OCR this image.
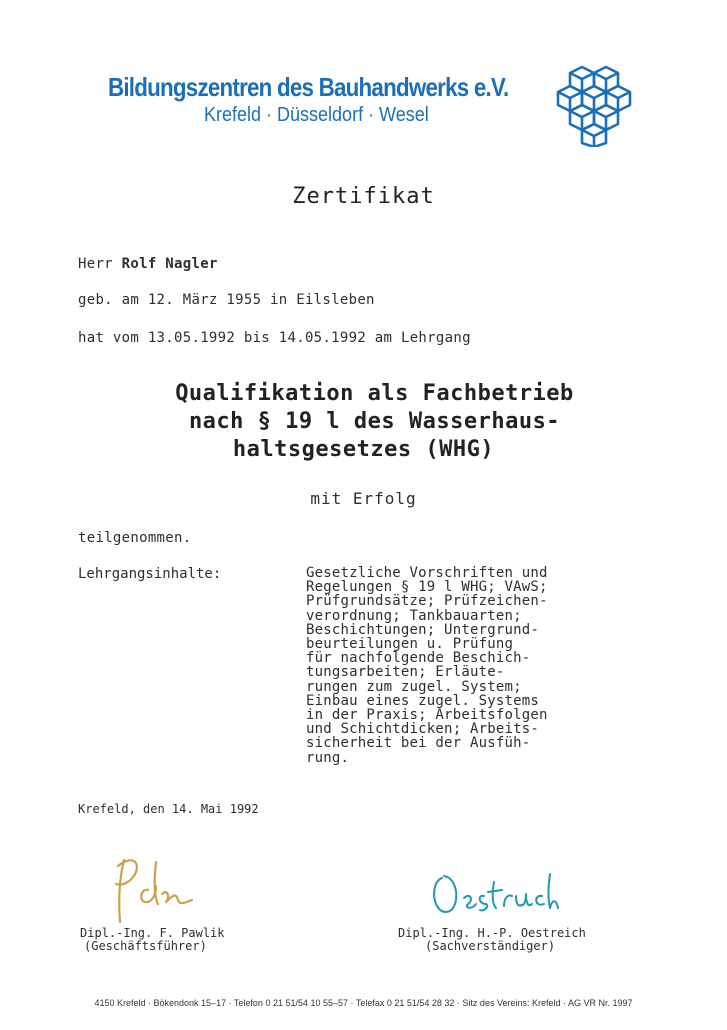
Bildungszentren des Bauhandwerks e.V.
Krefeld · Düsseldorf · Wesel
Zertifikat
Herr Rolf Nagler
geb. am 12. März 1955 in Eilsleben
hat vom 13.05.1992 bis 14.05.1992 am Lehrgang
Qualifikation als Fachbetrieb
nach § 19 l des Wasserhaus-
haltsgesetzes (WHG)
mit Erfolg
teilgenommen.
Lehrgangsinhalte:	Gesetzliche Vorschriften und
Regelungen § 19 l WHG; VAwS;
Prüfgrundsätze; Prüfzeichen-
verordnung; Tankbauarten;
Beschichtungen; Untergrund-
beurteilungen u. Prüfung
für nachfolgende Beschich-
tungsarbeiten; Erläute-
rungen zum zugel. System;
Einbau eines zugel. Systems
in der Praxis; Arbeitsfolgen
und Schichtdicken; Arbeits-
sicherheit bei der Ausfüh-
rung.
Krefeld, den 14. Mai 1992
Dipl.-Ing. F. Pawlik
(Geschäftsführer)
Dipl.-Ing. H.-P. Oestreich
(Sachverständiger)
4150 Krefeld · Bökendonk 15–17 · Telefon 0 21 51/54 10 55–57 · Telefax 0 21 51/54 28 32 · Sitz des Vereins: Krefeld · AG VR Nr. 1997
